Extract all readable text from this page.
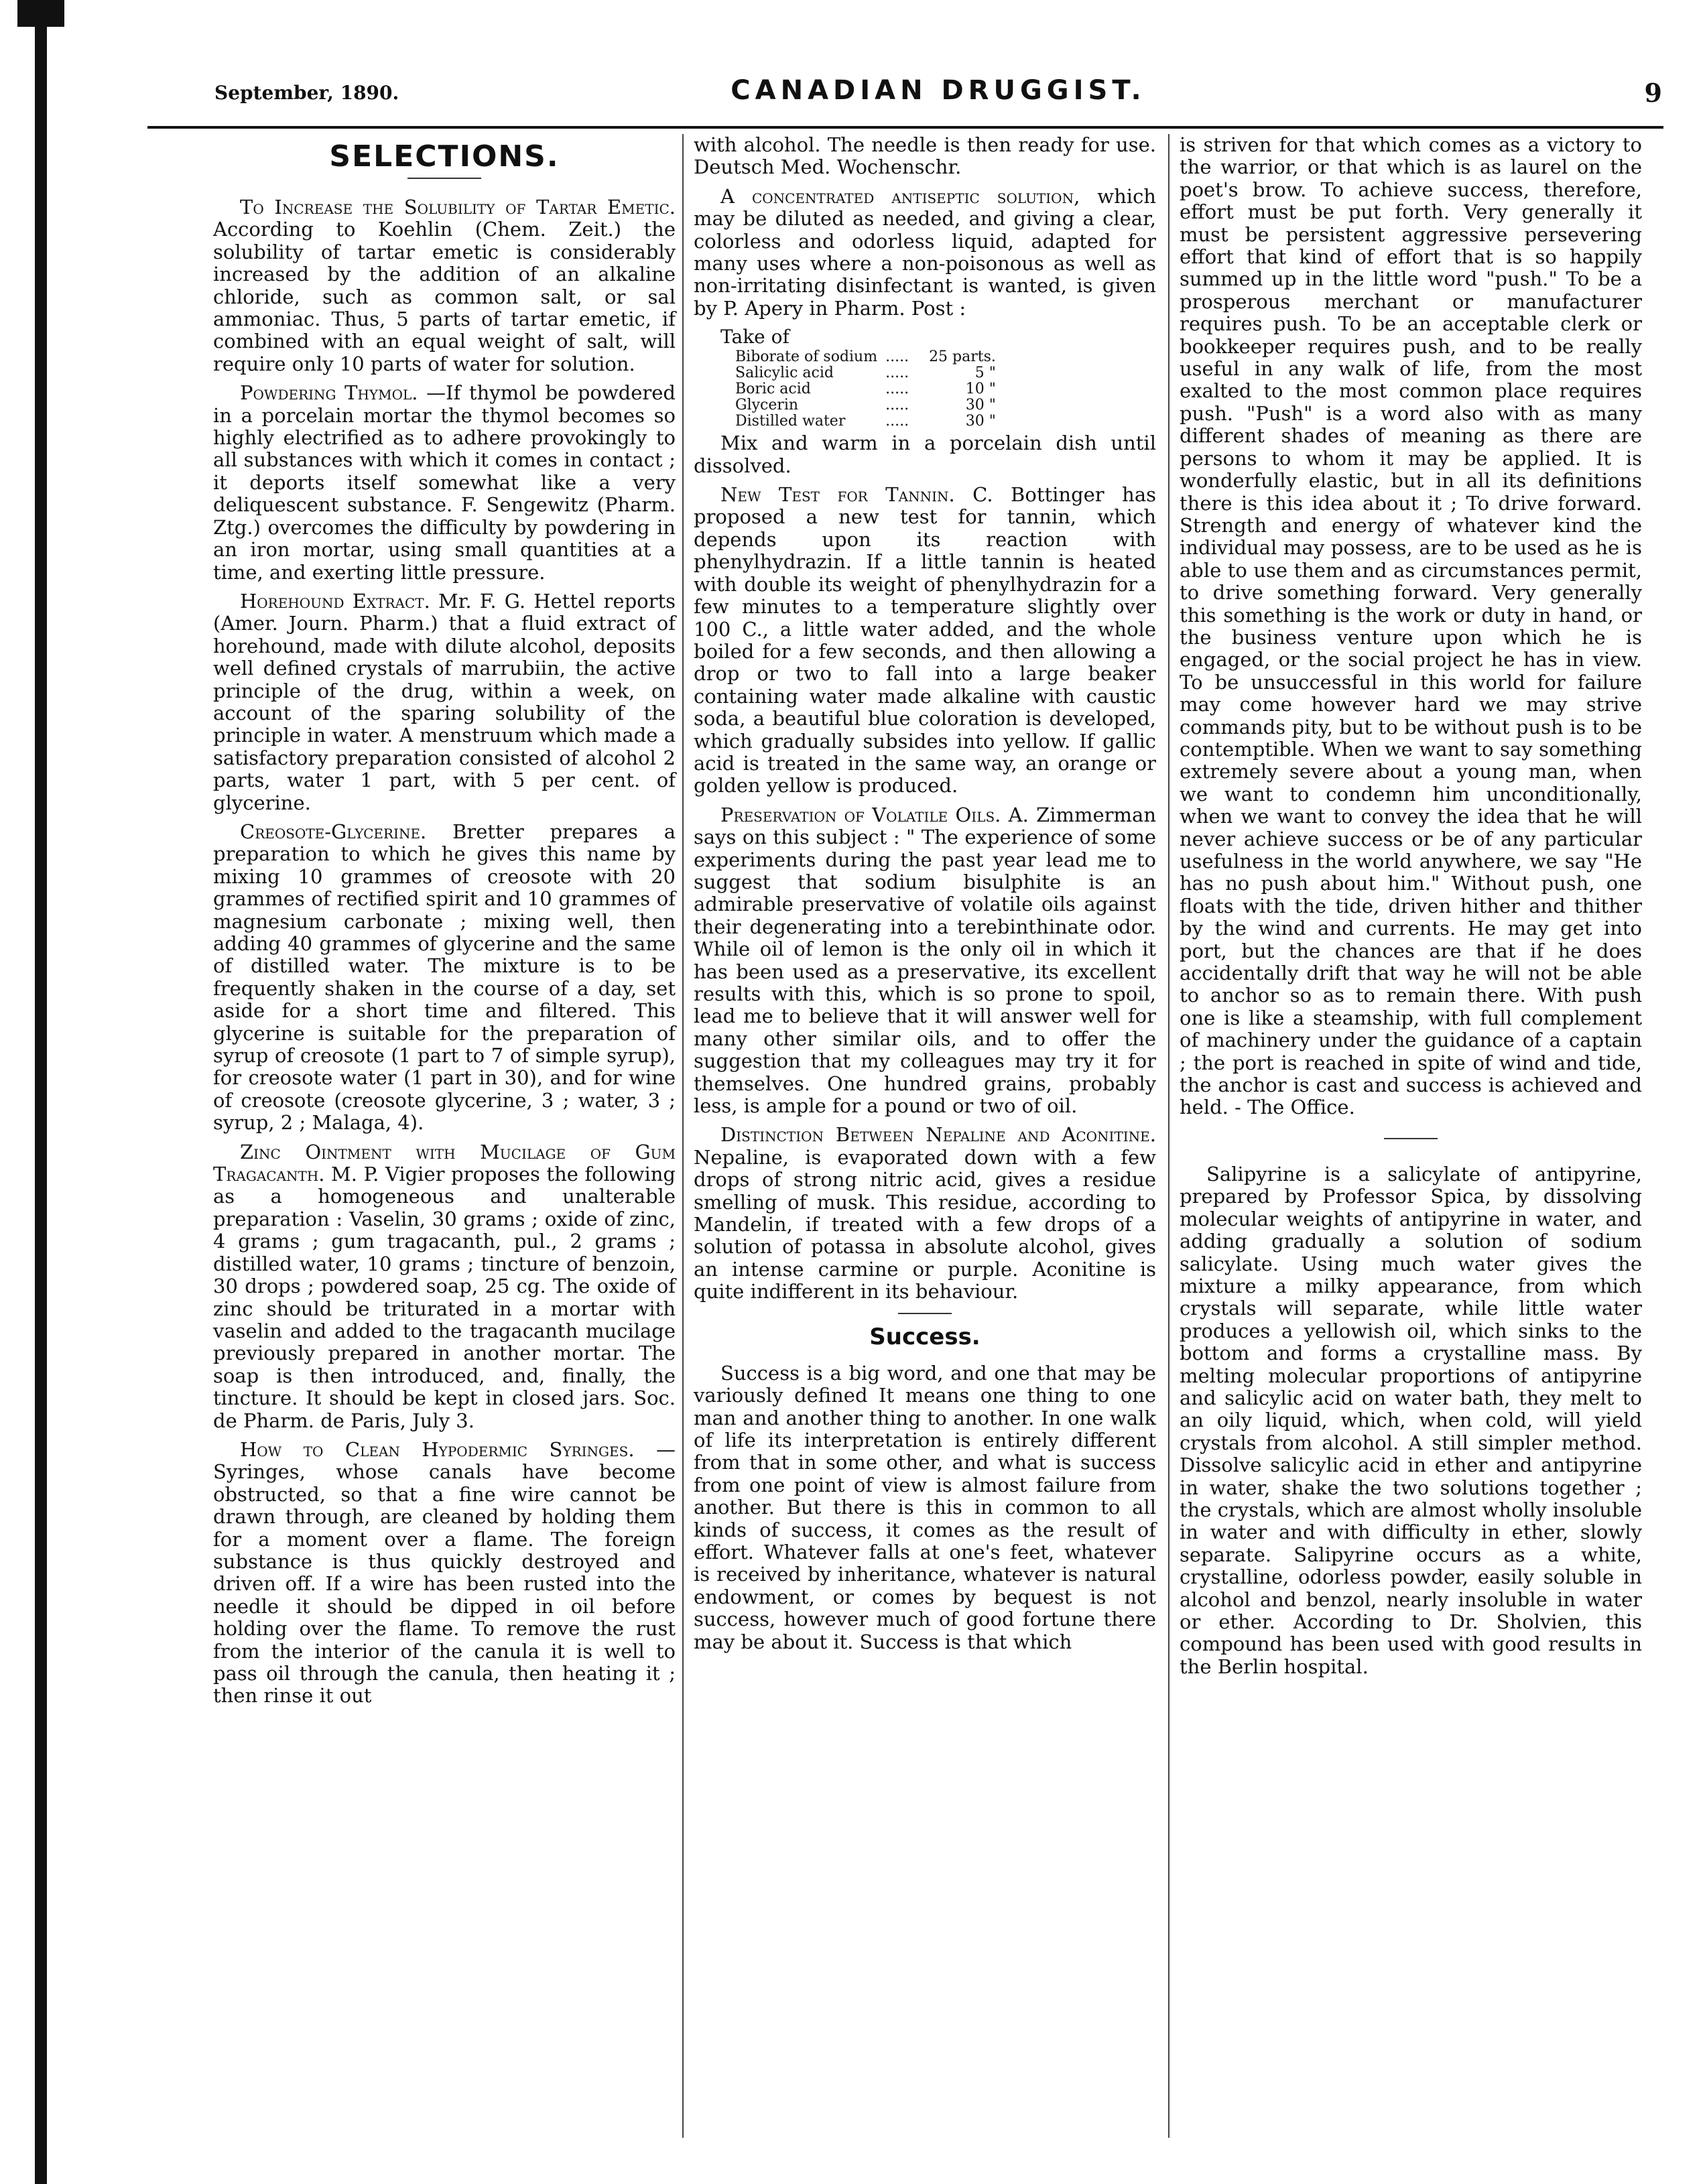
September, 1890.	CANADIAN DRUGGIST.	9
SELECTIONS.

To Increase the Solubility of Tartar Emetic. According to Koehlin (Chem. Zeit.) the solubility of tartar emetic is considerably increased by the addition of an alkaline chloride, such as common salt, or sal ammoniac. Thus, 5 parts of tartar emetic, if combined with an equal weight of salt, will require only 10 parts of water for solution.

Powdering Thymol. —If thymol be powdered in a porcelain mortar the thymol becomes so highly electrified as to adhere provokingly to all substances with which it comes in contact ; it deports itself somewhat like a very deliquescent substance. F. Sengewitz (Pharm. Ztg.) overcomes the difficulty by powdering in an iron mortar, using small quantities at a time, and exerting little pressure.

Horehound Extract. Mr. F. G. Hettel reports (Amer. Journ. Pharm.) that a fluid extract of horehound, made with dilute alcohol, deposits well defined crystals of marrubiin, the active principle of the drug, within a week, on account of the sparing solubility of the principle in water. A menstruum which made a satisfactory preparation consisted of alcohol 2 parts, water 1 part, with 5 per cent. of glycerine.

Creosote-Glycerine. Bretter prepares a preparation to which he gives this name by mixing 10 grammes of creosote with 20 grammes of rectified spirit and 10 grammes of magnesium carbonate ; mixing well, then adding 40 grammes of glycerine and the same of distilled water. The mixture is to be frequently shaken in the course of a day, set aside for a short time and filtered. This glycerine is suitable for the preparation of syrup of creosote (1 part to 7 of simple syrup), for creosote water (1 part in 30), and for wine of creosote (creosote glycerine, 3 ; water, 3 ; syrup, 2 ; Malaga, 4).

Zinc Ointment with Mucilage of Gum Tragacanth. M. P. Vigier proposes the following as a homogeneous and unalterable preparation : Vaselin, 30 grams ; oxide of zinc, 4 grams ; gum tragacanth, pul., 2 grams ; distilled water, 10 grams ; tincture of benzoin, 30 drops ; powdered soap, 25 cg. The oxide of zinc should be triturated in a mortar with vaselin and added to the tragacanth mucilage previously prepared in another mortar. The soap is then introduced, and, finally, the tincture. It should be kept in closed jars. Soc. de Pharm. de Paris, July 3.

How to Clean Hypodermic Syringes. —Syringes, whose canals have become obstructed, so that a fine wire cannot be drawn through, are cleaned by holding them for a moment over a flame. The foreign substance is thus quickly destroyed and driven off. If a wire has been rusted into the needle it should be dipped in oil before holding over the flame. To remove the rust from the interior of the canula it is well to pass oil through the canula, then heating it ; then rinse it out

with alcohol. The needle is then ready for use. Deutsch Med. Wochenschr.

A concentrated antiseptic solution, which may be diluted as needed, and giving a clear, colorless and odorless liquid, adapted for many uses where a non-poisonous as well as non-irritating disinfectant is wanted, is given by P. Apery in Pharm. Post :

Take of
Biborate of sodium	.....	25 parts.
Salicylic acid	.....	5 "
Boric acid	.....	10 "
Glycerin	.....	30 "
Distilled water	.....	30 "

Mix and warm in a porcelain dish until dissolved.

New Test for Tannin. C. Bottinger has proposed a new test for tannin, which depends upon its reaction with phenylhydrazin. If a little tannin is heated with double its weight of phenylhydrazin for a few minutes to a temperature slightly over 100 C., a little water added, and the whole boiled for a few seconds, and then allowing a drop or two to fall into a large beaker containing water made alkaline with caustic soda, a beautiful blue coloration is developed, which gradually subsides into yellow. If gallic acid is treated in the same way, an orange or golden yellow is produced.

Preservation of Volatile Oils. A. Zimmerman says on this subject : " The experience of some experiments during the past year lead me to suggest that sodium bisulphite is an admirable preservative of volatile oils against their degenerating into a terebinthinate odor. While oil of lemon is the only oil in which it has been used as a preservative, its excellent results with this, which is so prone to spoil, lead me to believe that it will answer well for many other similar oils, and to offer the suggestion that my colleagues may try it for themselves. One hundred grains, probably less, is ample for a pound or two of oil.

Distinction Between Nepaline and Aconitine. Nepaline, is evaporated down with a few drops of strong nitric acid, gives a residue smelling of musk. This residue, according to Mandelin, if treated with a few drops of a solution of potassa in absolute alcohol, gives an intense carmine or purple. Aconitine is quite indifferent in its behaviour.

Success.

Success is a big word, and one that may be variously defined It means one thing to one man and another thing to another. In one walk of life its interpretation is entirely different from that in some other, and what is success from one point of view is almost failure from another. But there is this in common to all kinds of success, it comes as the result of effort. Whatever falls at one's feet, whatever is received by inheritance, whatever is natural endowment, or comes by bequest is not success, however much of good fortune there may be about it. Success is that which

is striven for that which comes as a victory to the warrior, or that which is as laurel on the poet's brow. To achieve success, therefore, effort must be put forth. Very generally it must be persistent aggressive persevering effort that kind of effort that is so happily summed up in the little word "push." To be a prosperous merchant or manufacturer requires push. To be an acceptable clerk or bookkeeper requires push, and to be really useful in any walk of life, from the most exalted to the most common place requires push. "Push" is a word also with as many different shades of meaning as there are persons to whom it may be applied. It is wonderfully elastic, but in all its definitions there is this idea about it ; To drive forward. Strength and energy of whatever kind the individual may possess, are to be used as he is able to use them and as circumstances permit, to drive something forward. Very generally this something is the work or duty in hand, or the business venture upon which he is engaged, or the social project he has in view. To be unsuccessful in this world for failure may come however hard we may strive commands pity, but to be without push is to be contemptible. When we want to say something extremely severe about a young man, when we want to condemn him unconditionally, when we want to convey the idea that he will never achieve success or be of any particular usefulness in the world anywhere, we say "He has no push about him." Without push, one floats with the tide, driven hither and thither by the wind and currents. He may get into port, but the chances are that if he does accidentally drift that way he will not be able to anchor so as to remain there. With push one is like a steamship, with full complement of machinery under the guidance of a captain ; the port is reached in spite of wind and tide, the anchor is cast and success is achieved and held. - The Office.

Salipyrine is a salicylate of antipyrine, prepared by Professor Spica, by dissolving molecular weights of antipyrine in water, and adding gradually a solution of sodium salicylate. Using much water gives the mixture a milky appearance, from which crystals will separate, while little water produces a yellowish oil, which sinks to the bottom and forms a crystalline mass. By melting molecular proportions of antipyrine and salicylic acid on water bath, they melt to an oily liquid, which, when cold, will yield crystals from alcohol. A still simpler method. Dissolve salicylic acid in ether and antipyrine in water, shake the two solutions together ; the crystals, which are almost wholly insoluble in water and with difficulty in ether, slowly separate. Salipyrine occurs as a white, crystalline, odorless powder, easily soluble in alcohol and benzol, nearly insoluble in water or ether. According to Dr. Sholvien, this compound has been used with good results in the Berlin hospital.
